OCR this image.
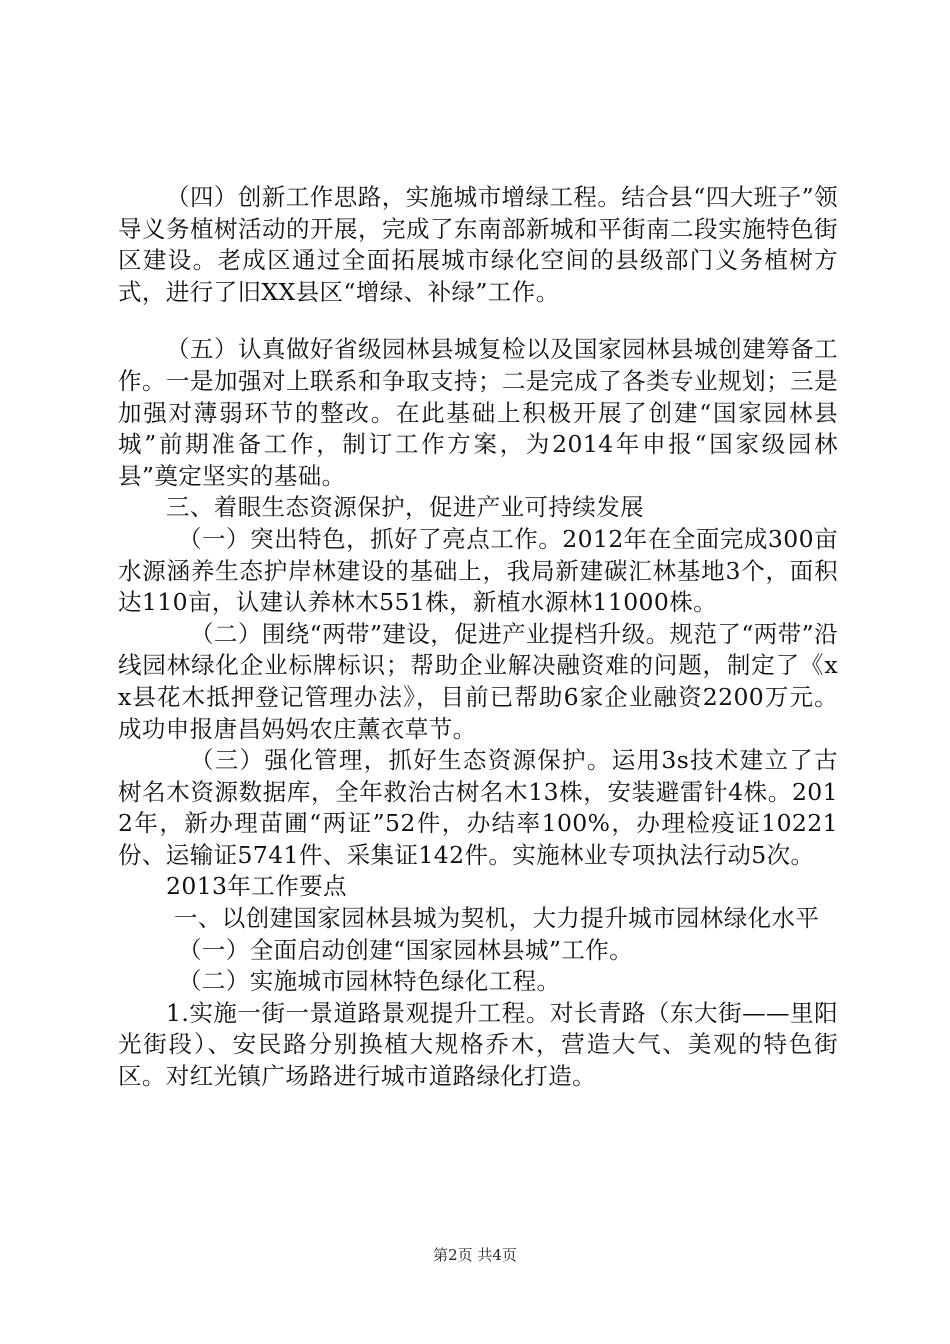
（四）创新工作思路，实施城市增绿工程。结合县“四大班子”领导义务植树活动的开展，完成了东南部新城和平街南二段实施特色街区建设。老成区通过全面拓展城市绿化空间的县级部门义务植树方式，进行了旧XX县区“增绿、补绿”工作。

（五）认真做好省级园林县城复检以及国家园林县城创建筹备工作。一是加强对上联系和争取支持；二是完成了各类专业规划；三是加强对薄弱环节的整改。在此基础上积极开展了创建“国家园林县城”前期准备工作，制订工作方案，为2014年申报“国家级园林县”奠定坚实的基础。

三、着眼生态资源保护，促进产业可持续发展

（一）突出特色，抓好了亮点工作。2012年在全面完成300亩水源涵养生态护岸林建设的基础上，我局新建碳汇林基地3个，面积达110亩，认建认养林木551株，新植水源林11000株。

（二）围绕“两带”建设，促进产业提档升级。规范了“两带”沿线园林绿化企业标牌标识；帮助企业解决融资难的问题，制定了《xx县花木抵押登记管理办法》，目前已帮助6家企业融资2200万元。成功申报唐昌妈妈农庄薰衣草节。

（三）强化管理，抓好生态资源保护。运用3s技术建立了古树名木资源数据库，全年救治古树名木13株，安装避雷针4株。2012年，新办理苗圃“两证”52件，办结率100%，办理检疫证10221份、运输证5741件、采集证142件。实施林业专项执法行动5次。

2013年工作要点

一、以创建国家园林县城为契机，大力提升城市园林绿化水平

（一）全面启动创建“国家园林县城”工作。

（二）实施城市园林特色绿化工程。

1.实施一街一景道路景观提升工程。对长青路（东大街——里阳光街段）、安民路分别换植大规格乔木，营造大气、美观的特色街区。对红光镇广场路进行城市道路绿化打造。

第2页 共4页
